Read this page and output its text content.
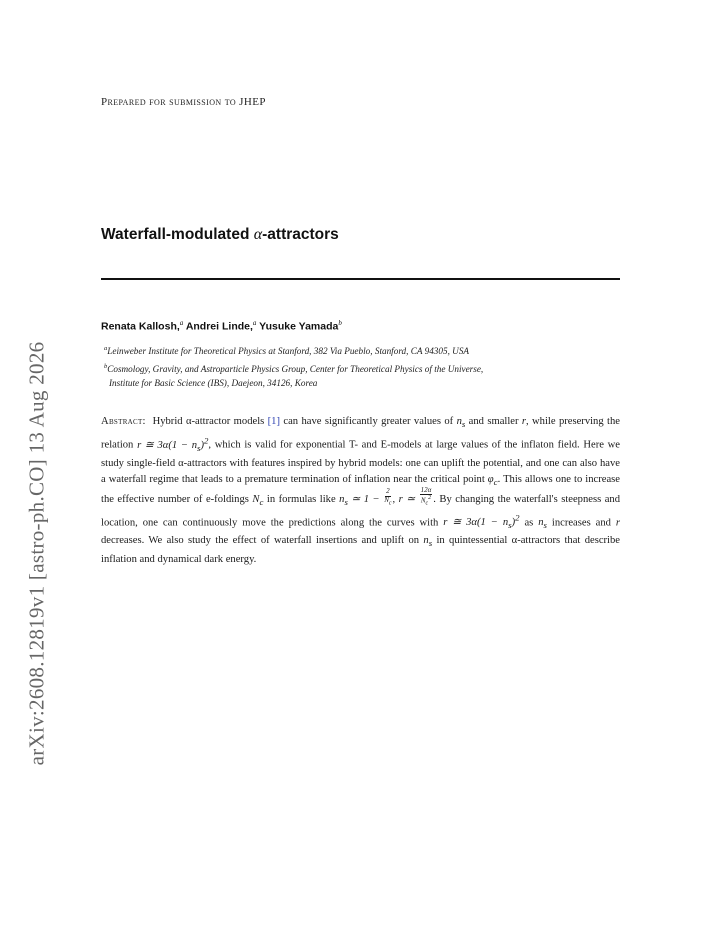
arXiv:2608.12819v1 [astro-ph.CO] 13 Aug 2026
Prepared for submission to JHEP
Waterfall-modulated α-attractors
Renata Kallosh,$^a$ Andrei Linde,$^a$ Yusuke Yamada$^b$
$^a$Leinweber Institute for Theoretical Physics at Stanford, 382 Via Pueblo, Stanford, CA 94305, USA
$^b$Cosmology, Gravity, and Astroparticle Physics Group, Center for Theoretical Physics of the Universe,
Institute for Basic Science (IBS), Daejeon, 34126, Korea

Abstract: Hybrid α-attractor models [1] can have significantly greater values of $n_s$ and smaller r, while preserving the relation r ≅ $3\alpha(1 - n_s)^2$, which is valid for exponential T- and E-models at large values of the inflaton field. Here we study single-field α-attractors with features inspired by hybrid models: one can uplift the potential, and one can also have a waterfall regime that leads to a premature termination of inflation near the critical point $\varphi_c$. This allows one to increase the effective number of e-foldings $N_c$ in formulas like $n_s$ ≃ $1 - \frac{2}{N_c}$ , r ≃ $\frac{12\alpha}{N_c^2}$ . By changing the waterfall's steepness and location, one can continuously move the predictions along the curves with r ≅ $3\alpha(1 - n_s)^2$ as $n_s$ increases and r decreases. We also study the effect of waterfall insertions and uplift on $n_s$ in quintessential α-attractors that describe inflation and dynamical dark energy.
